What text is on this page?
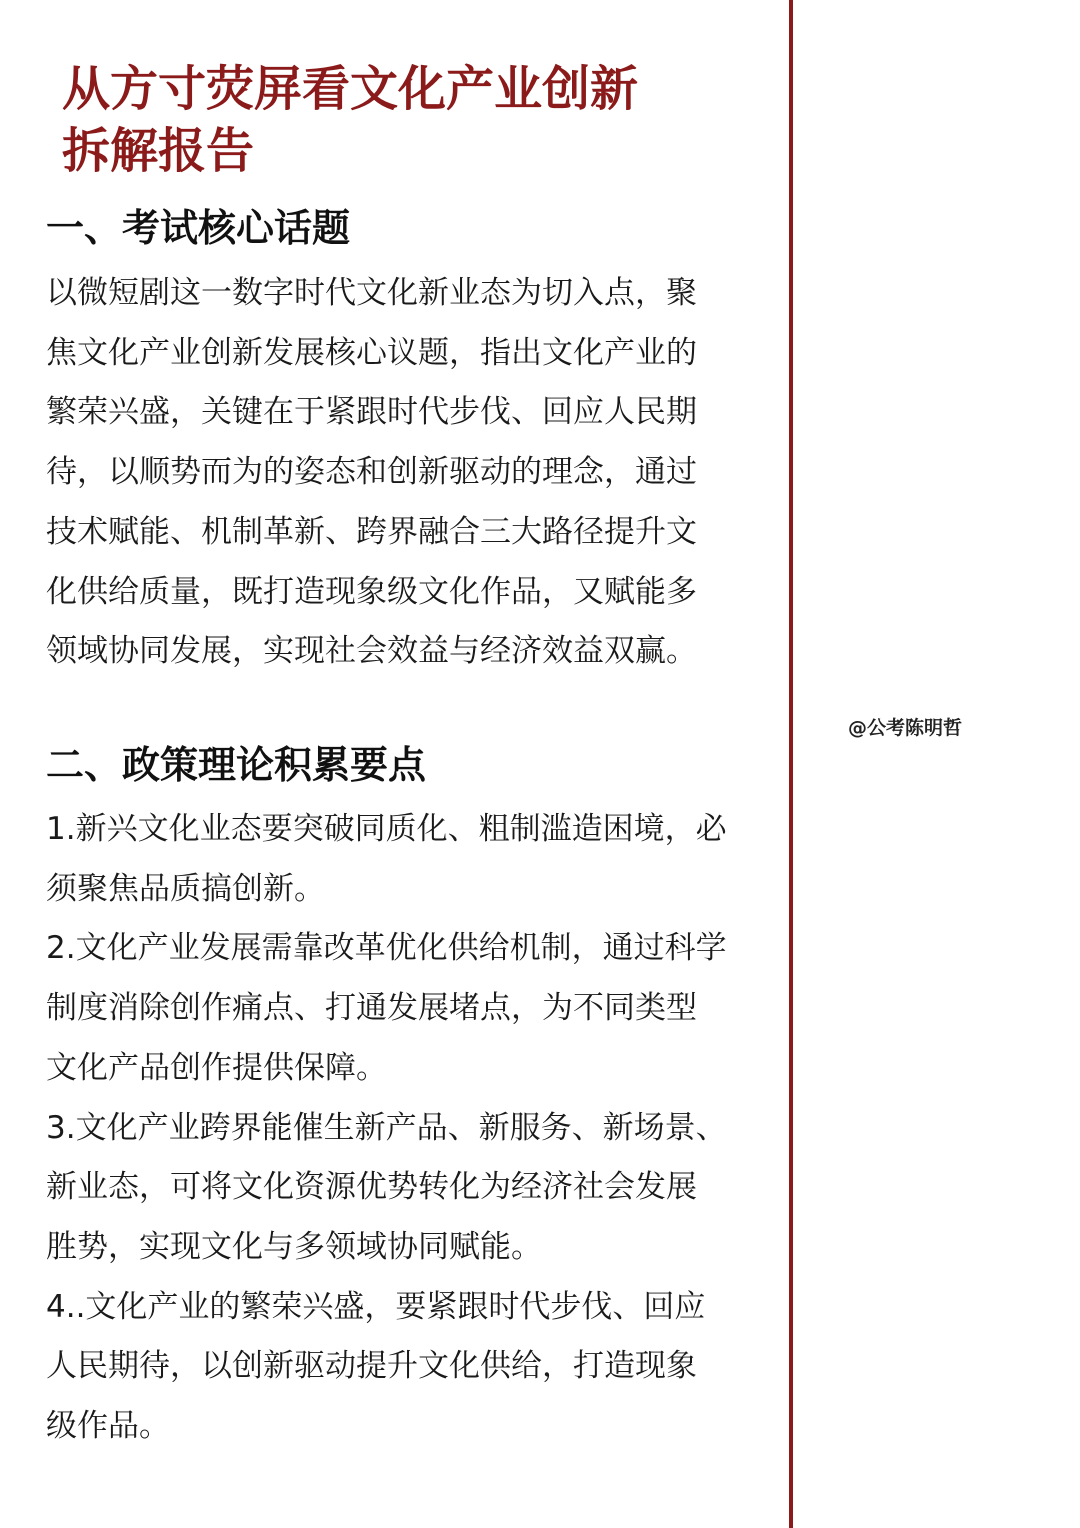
从方寸荧屏看文化产业创新
拆解报告
一、考试核心话题
以微短剧这一数字时代文化新业态为切入点，聚
焦文化产业创新发展核心议题，指出文化产业的
繁荣兴盛，关键在于紧跟时代步伐、回应人民期
待，以顺势而为的姿态和创新驱动的理念，通过
技术赋能、机制革新、跨界融合三大路径提升文
化供给质量，既打造现象级文化作品，又赋能多
领域协同发展，实现社会效益与经济效益双赢。
@公考陈明哲
二、政策理论积累要点
1.新兴文化业态要突破同质化、粗制滥造困境，必
须聚焦品质搞创新。
2.文化产业发展需靠改革优化供给机制，通过科学
制度消除创作痛点、打通发展堵点，为不同类型
文化产品创作提供保障。
3.文化产业跨界能催生新产品、新服务、新场景、
新业态，可将文化资源优势转化为经济社会发展
胜势，实现文化与多领域协同赋能。
4..文化产业的繁荣兴盛，要紧跟时代步伐、回应
人民期待，以创新驱动提升文化供给，打造现象
级作品。
